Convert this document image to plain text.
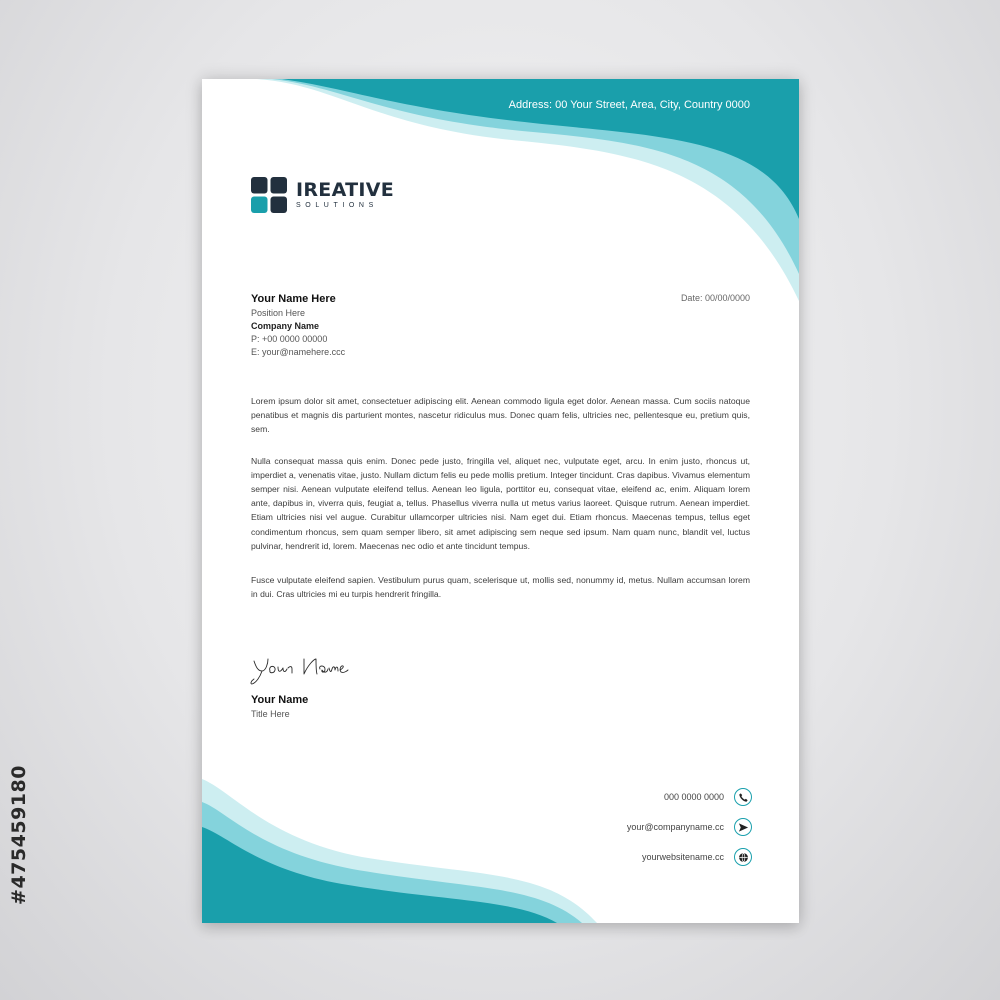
#475459180
Address: 00 Your Street, Area, City, Country 0000
IREATIVE
SOLUTIONS
Your Name Here
Position Here
Company Name
P: +00 0000 00000
E: your@namehere.ccc
Date: 00/00/0000

Lorem ipsum dolor sit amet, consectetuer adipiscing elit. Aenean commodo ligula eget dolor. Aenean massa. Cum sociis natoque penatibus et magnis dis parturient montes, nascetur ridiculus mus. Donec quam felis, ultricies nec, pellentesque eu, pretium quis, sem.

Nulla consequat massa quis enim. Donec pede justo, fringilla vel, aliquet nec, vulputate eget, arcu. In enim justo, rhoncus ut, imperdiet a, venenatis vitae, justo. Nullam dictum felis eu pede mollis pretium. Integer tincidunt. Cras dapibus. Vivamus elementum semper nisi. Aenean vulputate eleifend tellus. Aenean leo ligula, porttitor eu, consequat vitae, eleifend ac, enim. Aliquam lorem ante, dapibus in, viverra quis, feugiat a, tellus. Phasellus viverra nulla ut metus varius laoreet. Quisque rutrum. Aenean imperdiet. Etiam ultricies nisi vel augue. Curabitur ullamcorper ultricies nisi. Nam eget dui. Etiam rhoncus. Maecenas tempus, tellus eget condimentum rhoncus, sem quam semper libero, sit amet adipiscing sem neque sed ipsum. Nam quam nunc, blandit vel, luctus pulvinar, hendrerit id, lorem. Maecenas nec odio et ante tincidunt tempus.

Fusce vulputate eleifend sapien. Vestibulum purus quam, scelerisque ut, mollis sed, nonummy id, metus. Nullam accumsan lorem in dui. Cras ultricies mi eu turpis hendrerit fringilla.

Your Name
Title Here
000 0000 0000
your@companyname.cc
yourwebsitename.cc
